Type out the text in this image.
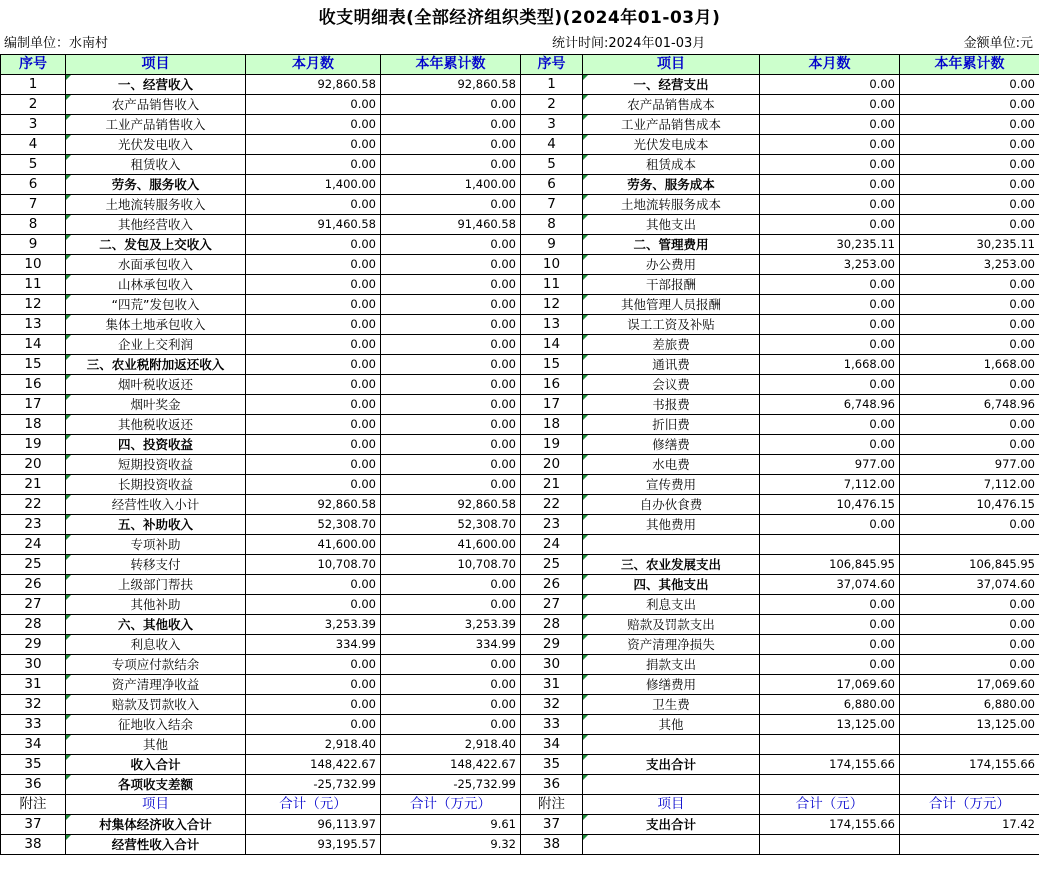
收支明细表(全部经济组织类型)(2024年01-03月)
编制单位：水南村	统计时间:2024年01-03月	金额单位:元
序号	项目	本月数	本年累计数	序号	项目	本月数	本年累计数
1	一、经营收入	92,860.58	92,860.58	1	一、经营支出	0.00	0.00
2	农产品销售收入	0.00	0.00	2	农产品销售成本	0.00	0.00
3	工业产品销售收入	0.00	0.00	3	工业产品销售成本	0.00	0.00
4	光伏发电收入	0.00	0.00	4	光伏发电成本	0.00	0.00
5	租赁收入	0.00	0.00	5	租赁成本	0.00	0.00
6	劳务、服务收入	1,400.00	1,400.00	6	劳务、服务成本	0.00	0.00
7	土地流转服务收入	0.00	0.00	7	土地流转服务成本	0.00	0.00
8	其他经营收入	91,460.58	91,460.58	8	其他支出	0.00	0.00
9	二、发包及上交收入	0.00	0.00	9	二、管理费用	30,235.11	30,235.11
10	水面承包收入	0.00	0.00	10	办公费用	3,253.00	3,253.00
11	山林承包收入	0.00	0.00	11	干部报酬	0.00	0.00
12	“四荒”发包收入	0.00	0.00	12	其他管理人员报酬	0.00	0.00
13	集体土地承包收入	0.00	0.00	13	误工工资及补贴	0.00	0.00
14	企业上交利润	0.00	0.00	14	差旅费	0.00	0.00
15	三、农业税附加返还收入	0.00	0.00	15	通讯费	1,668.00	1,668.00
16	烟叶税收返还	0.00	0.00	16	会议费	0.00	0.00
17	烟叶奖金	0.00	0.00	17	书报费	6,748.96	6,748.96
18	其他税收返还	0.00	0.00	18	折旧费	0.00	0.00
19	四、投资收益	0.00	0.00	19	修缮费	0.00	0.00
20	短期投资收益	0.00	0.00	20	水电费	977.00	977.00
21	长期投资收益	0.00	0.00	21	宣传费用	7,112.00	7,112.00
22	经营性收入小计	92,860.58	92,860.58	22	自办伙食费	10,476.15	10,476.15
23	五、补助收入	52,308.70	52,308.70	23	其他费用	0.00	0.00
24	专项补助	41,600.00	41,600.00	24			
25	转移支付	10,708.70	10,708.70	25	三、农业发展支出	106,845.95	106,845.95
26	上级部门帮扶	0.00	0.00	26	四、其他支出	37,074.60	37,074.60
27	其他补助	0.00	0.00	27	利息支出	0.00	0.00
28	六、其他收入	3,253.39	3,253.39	28	赔款及罚款支出	0.00	0.00
29	利息收入	334.99	334.99	29	资产清理净损失	0.00	0.00
30	专项应付款结余	0.00	0.00	30	捐款支出	0.00	0.00
31	资产清理净收益	0.00	0.00	31	修缮费用	17,069.60	17,069.60
32	赔款及罚款收入	0.00	0.00	32	卫生费	6,880.00	6,880.00
33	征地收入结余	0.00	0.00	33	其他	13,125.00	13,125.00
34	其他	2,918.40	2,918.40	34			
35	收入合计	148,422.67	148,422.67	35	支出合计	174,155.66	174,155.66
36	各项收支差额	-25,732.99	-25,732.99	36			
附注	项目	合计（元）	合计（万元）	附注	项目	合计（元）	合计（万元）
37	村集体经济收入合计	96,113.97	9.61	37	支出合计	174,155.66	17.42
38	经营性收入合计	93,195.57	9.32	38			
